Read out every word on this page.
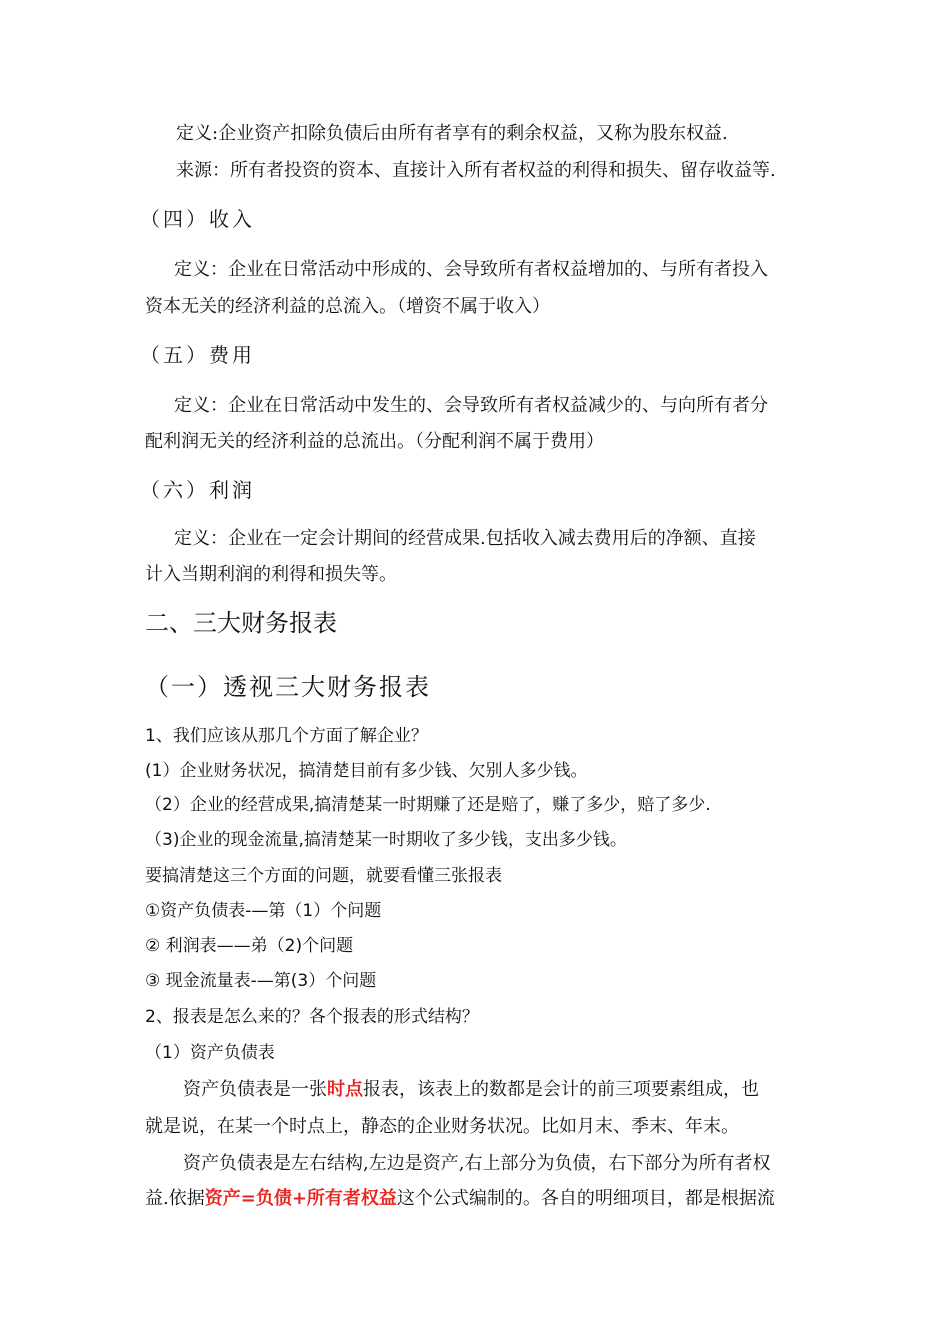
定义:企业资产扣除负债后由所有者享有的剩余权益，又称为股东权益.
来源：所有者投资的资本、直接计入所有者权益的利得和损失、留存收益等.
（四）收入
定义：企业在日常活动中形成的、会导致所有者权益增加的、与所有者投入
资本无关的经济利益的总流入。（增资不属于收入）
（五）费用
定义：企业在日常活动中发生的、会导致所有者权益减少的、与向所有者分
配利润无关的经济利益的总流出。（分配利润不属于费用）
（六）利润
定义：企业在一定会计期间的经营成果.包括收入减去费用后的净额、直接
计入当期利润的利得和损失等。
二、三大财务报表
（一）透视三大财务报表
1、我们应该从那几个方面了解企业？
(1）企业财务状况，搞清楚目前有多少钱、欠别人多少钱。
（2）企业的经营成果,搞清楚某一时期赚了还是赔了，赚了多少，赔了多少.
（3)企业的现金流量,搞清楚某一时期收了多少钱，支出多少钱。
要搞清楚这三个方面的问题，就要看懂三张报表
①资产负债表-—第（1）个问题
② 利润表——弟（2)个问题
③ 现金流量表-—第(3）个问题
2、报表是怎么来的？各个报表的形式结构？
（1）资产负债表
资产负债表是一张时点报表，该表上的数都是会计的前三项要素组成，也
就是说，在某一个时点上，静态的企业财务状况。比如月末、季末、年末。
资产负债表是左右结构,左边是资产,右上部分为负债，右下部分为所有者权
益.依据资产=负债+所有者权益这个公式编制的。各自的明细项目，都是根据流
